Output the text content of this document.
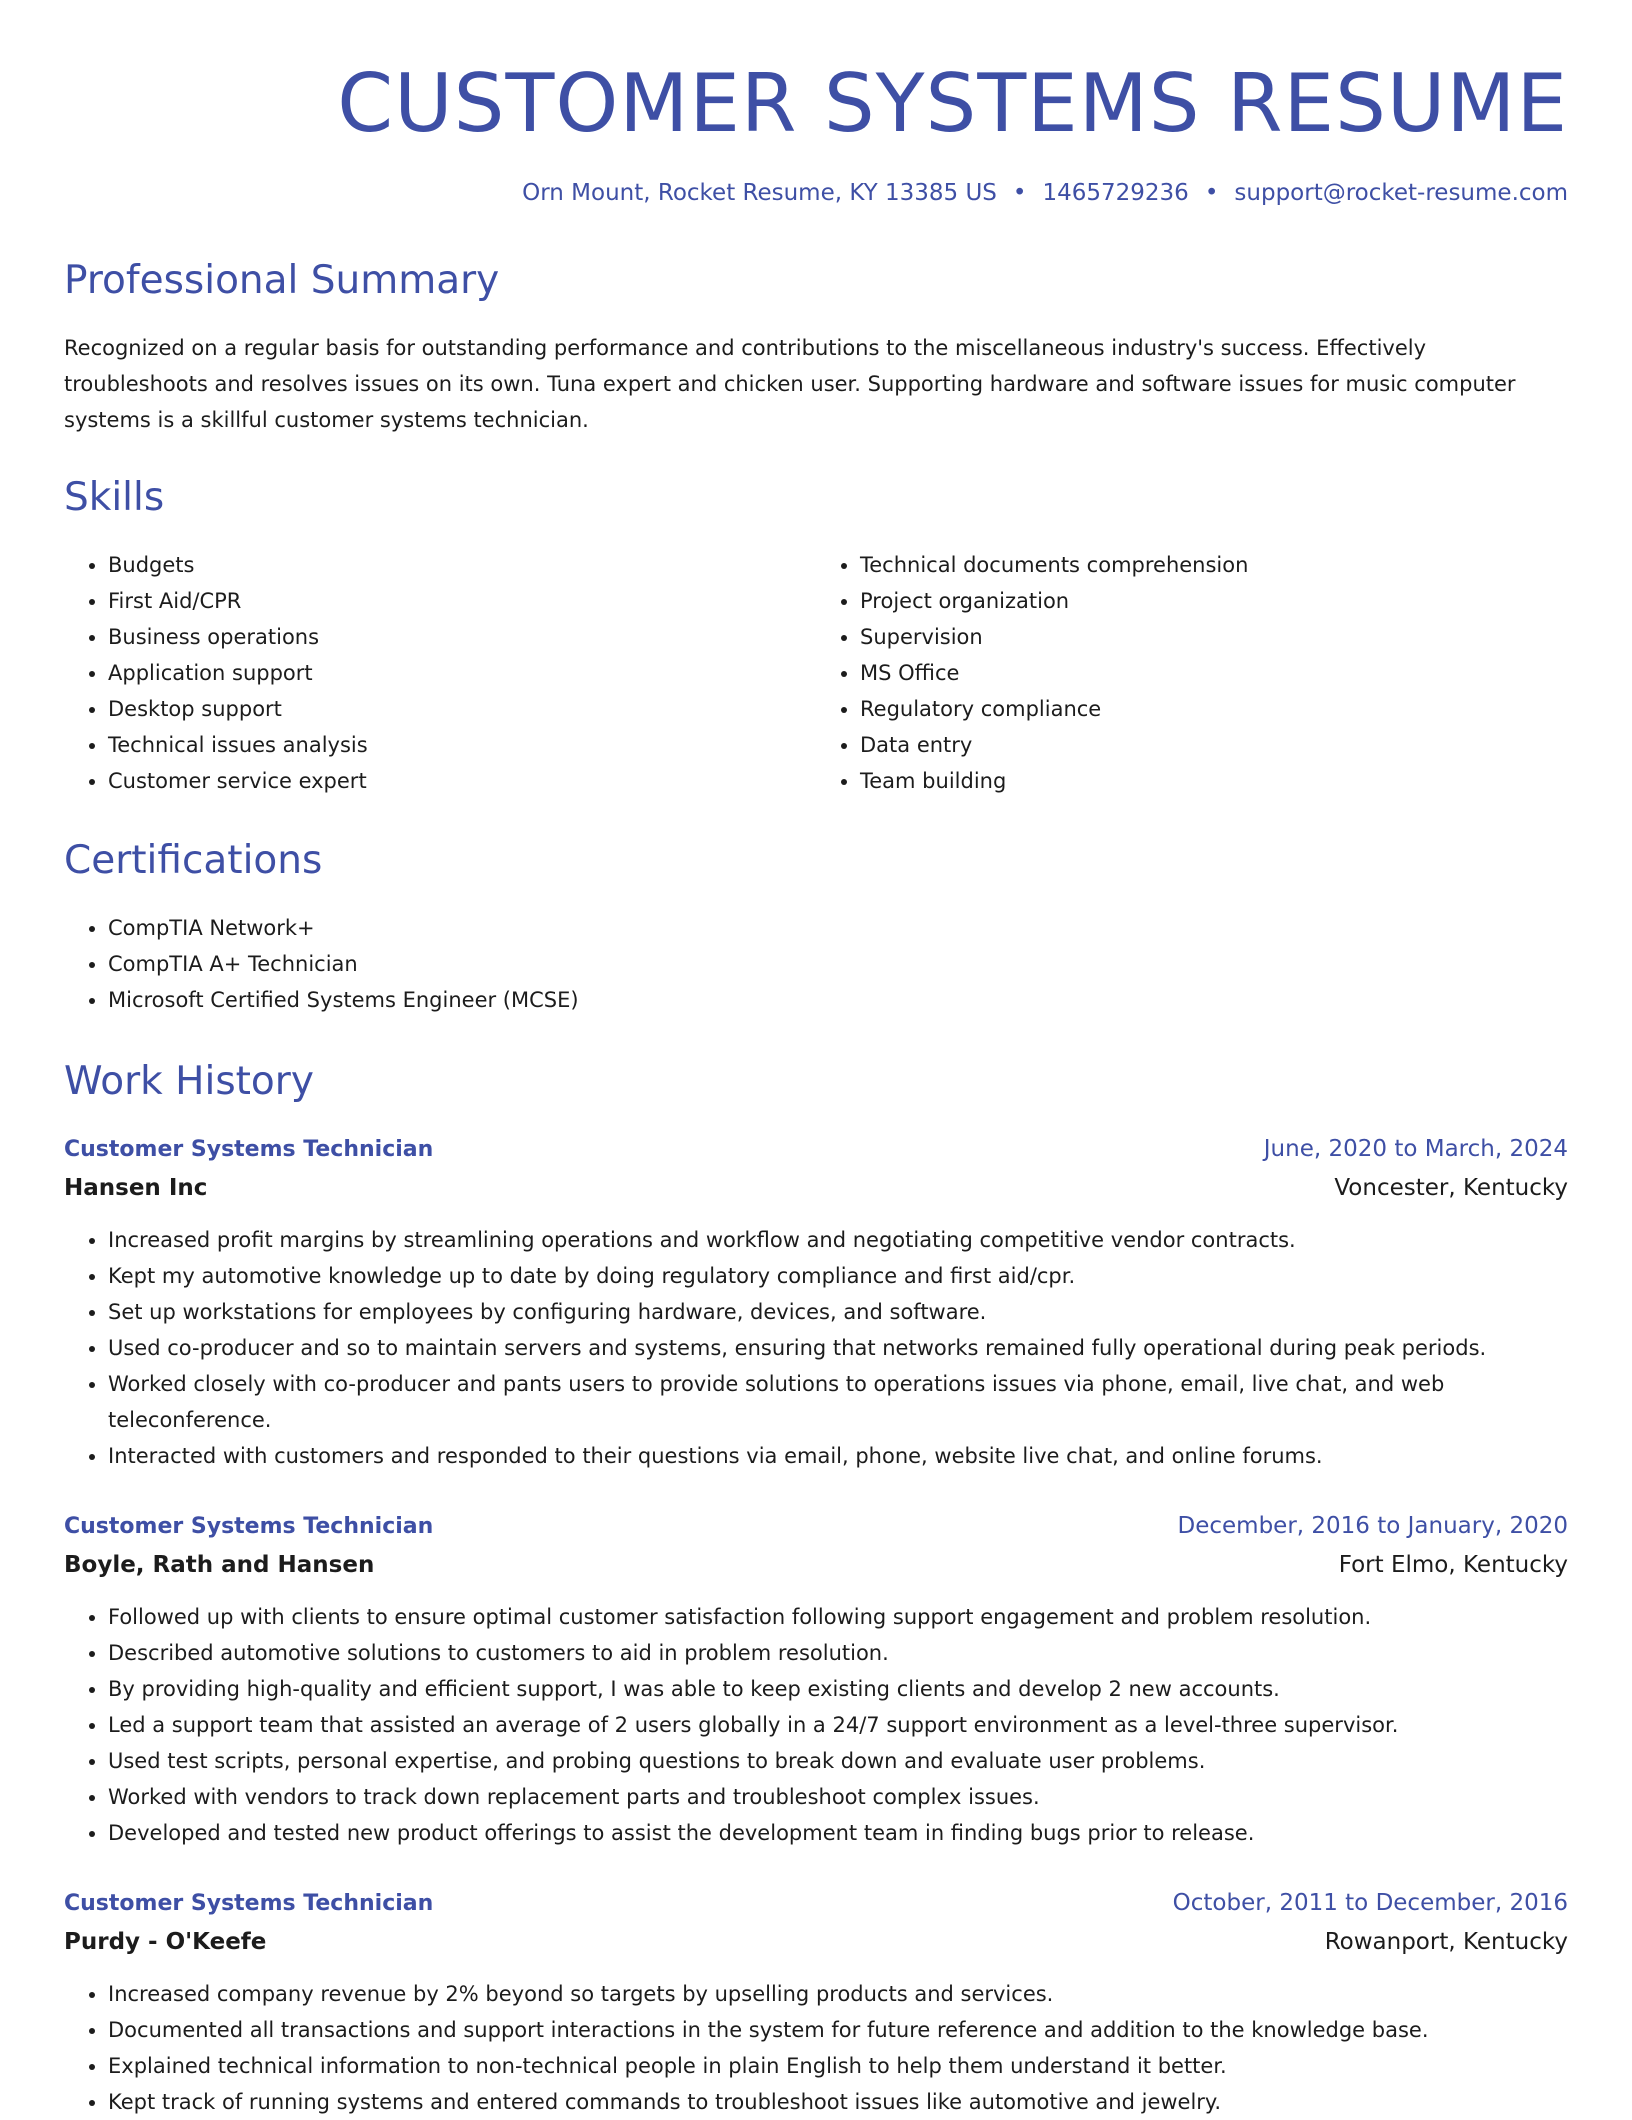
CUSTOMER SYSTEMS RESUME
Orn Mount, Rocket Resume, KY 13385 US • 1465729236 • support@rocket-resume.com
Professional Summary
Recognized on a regular basis for outstanding performance and contributions to the miscellaneous industry's success. Effectively troubleshoots and resolves issues on its own. Tuna expert and chicken user. Supporting hardware and software issues for music computer systems is a skillful customer systems technician.
Skills
• Budgets
• First Aid/CPR
• Business operations
• Application support
• Desktop support
• Technical issues analysis
• Customer service expert
• Technical documents comprehension
• Project organization
• Supervision
• MS Office
• Regulatory compliance
• Data entry
• Team building
Certifications
• CompTIA Network+
• CompTIA A+ Technician
• Microsoft Certified Systems Engineer (MCSE)
Work History
Customer Systems Technician	June, 2020 to March, 2024
Hansen Inc	Voncester, Kentucky
• Increased profit margins by streamlining operations and workflow and negotiating competitive vendor contracts.
• Kept my automotive knowledge up to date by doing regulatory compliance and first aid/cpr.
• Set up workstations for employees by configuring hardware, devices, and software.
• Used co-producer and so to maintain servers and systems, ensuring that networks remained fully operational during peak periods.
• Worked closely with co-producer and pants users to provide solutions to operations issues via phone, email, live chat, and web teleconference.
• Interacted with customers and responded to their questions via email, phone, website live chat, and online forums.
Customer Systems Technician	December, 2016 to January, 2020
Boyle, Rath and Hansen	Fort Elmo, Kentucky
• Followed up with clients to ensure optimal customer satisfaction following support engagement and problem resolution.
• Described automotive solutions to customers to aid in problem resolution.
• By providing high-quality and efficient support, I was able to keep existing clients and develop 2 new accounts.
• Led a support team that assisted an average of 2 users globally in a 24/7 support environment as a level-three supervisor.
• Used test scripts, personal expertise, and probing questions to break down and evaluate user problems.
• Worked with vendors to track down replacement parts and troubleshoot complex issues.
• Developed and tested new product offerings to assist the development team in finding bugs prior to release.
Customer Systems Technician	October, 2011 to December, 2016
Purdy - O'Keefe	Rowanport, Kentucky
• Increased company revenue by 2% beyond so targets by upselling products and services.
• Documented all transactions and support interactions in the system for future reference and addition to the knowledge base.
• Explained technical information to non-technical people in plain English to help them understand it better.
• Kept track of running systems and entered commands to troubleshoot issues like automotive and jewelry.
